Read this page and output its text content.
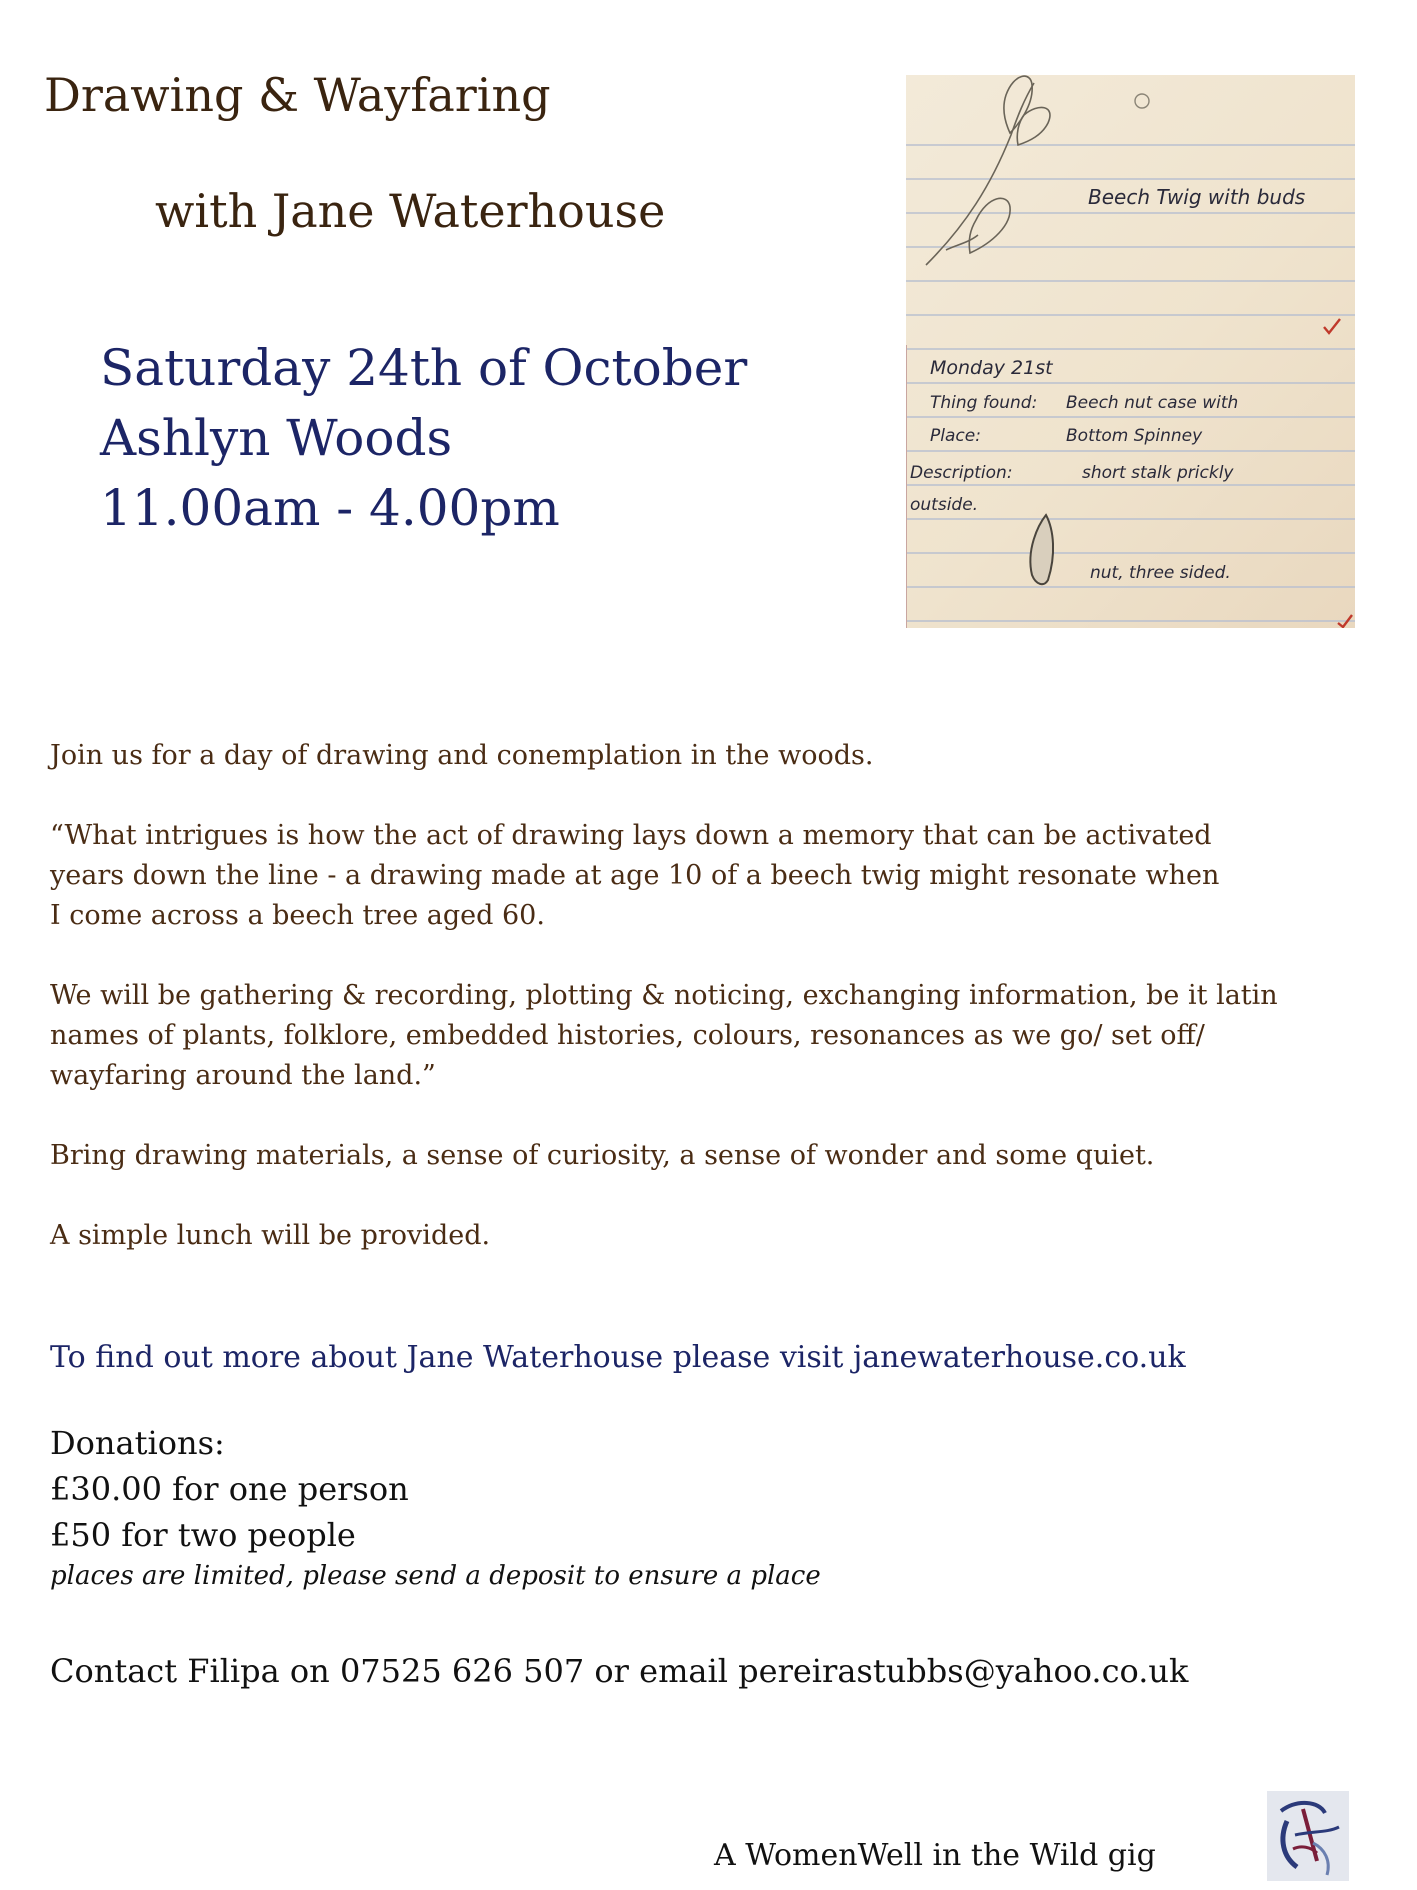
Drawing & Wayfaring
with Jane Waterhouse
Saturday 24th of October
Ashlyn Woods
11.00am - 4.00pm
Beech Twig with buds
Monday 21st
Thing found: Beech nut case with
Place:	Bottom Spinney
Description:	short stalk prickly
outside.
nut, three sided.

Join us for a day of drawing and conemplation in the woods.

“What intrigues is how the act of drawing lays down a memory that can be activated

years down the line - a drawing made at age 10 of a beech twig might resonate when

I come across a beech tree aged 60.

We will be gathering & recording, plotting & noticing, exchanging information, be it latin

names of plants, folklore, embedded histories, colours, resonances as we go/ set off/

wayfaring around the land.”

Bring drawing materials, a sense of curiosity, a sense of wonder and some quiet.

A simple lunch will be provided.

To find out more about Jane Waterhouse please visit janewaterhouse.co.uk
Donations:
£30.00 for one person
£50 for two people
places are limited, please send a deposit to ensure a place
Contact Filipa on 07525 626 507 or email pereirastubbs@yahoo.co.uk
A WomenWell in the Wild gig
